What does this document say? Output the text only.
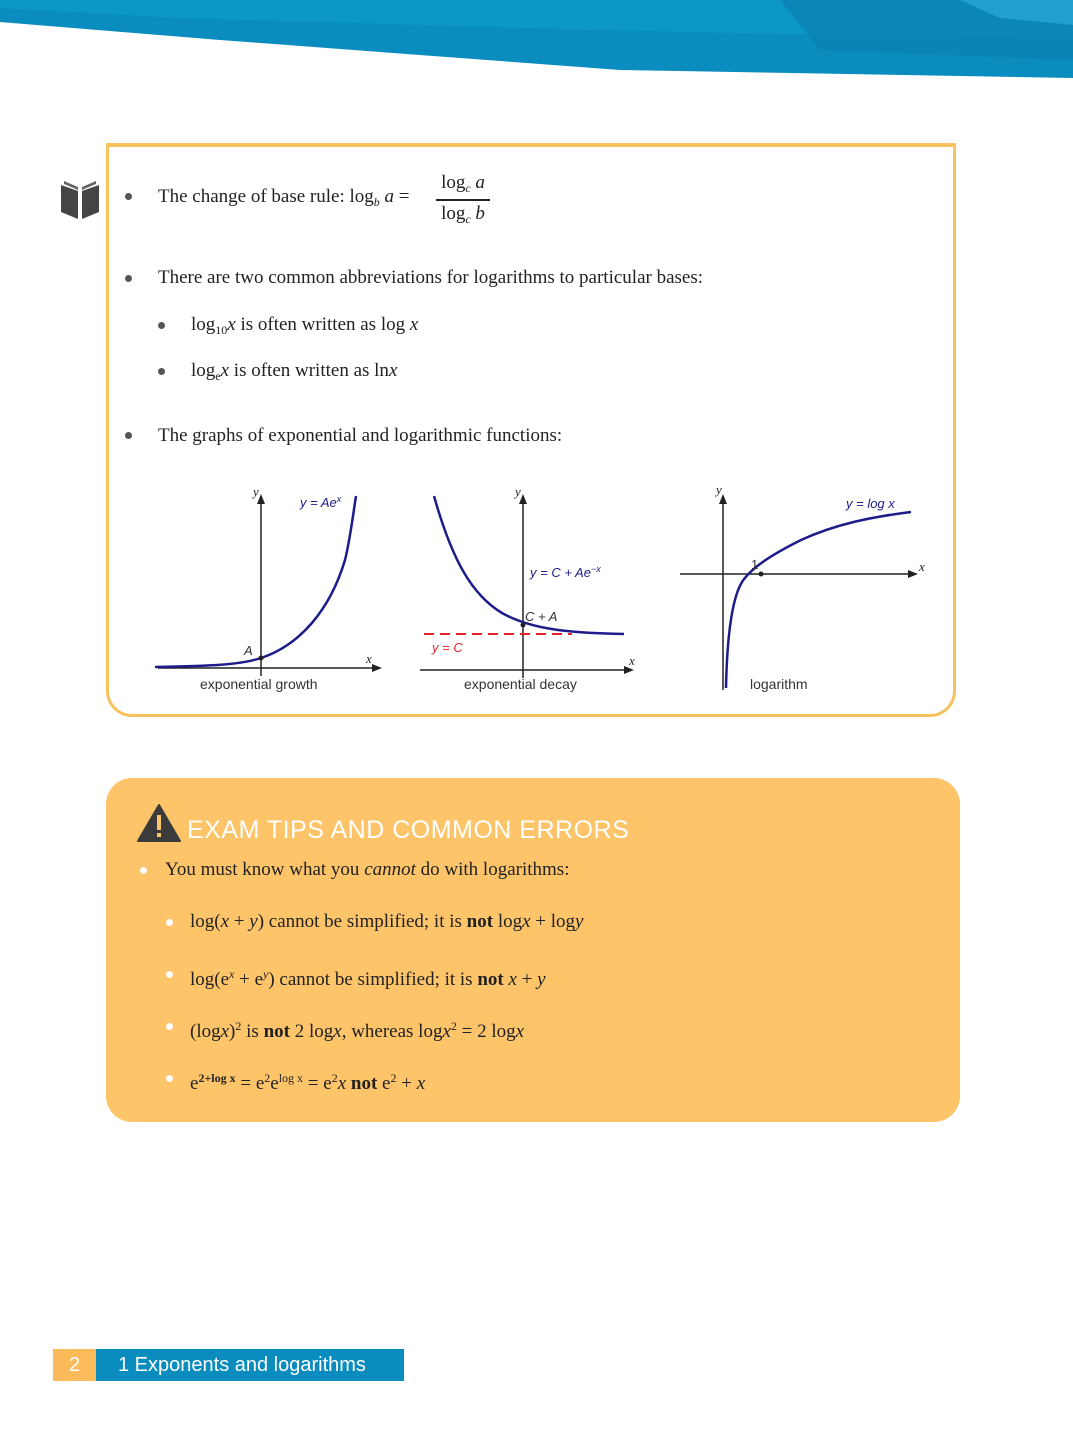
The change of base rule: $\log_b a$ =
$\log_c a$
$\log_c b$
There are two common abbreviations for logarithms to particular bases:
$\log_{10}x$ is often written as log x
$\log_ex$ is often written as lnx
The graphs of exponential and logarithmic functions:
y
x
$y = Ae^x$
A
exponential growth
y
x
$y = C + Ae^{-x}$
C + A
y = C
exponential decay
y
x
y = log x
1
logarithm
EXAM TIPS AND COMMON ERRORS
You must know what you cannot do with logarithms:
log(x + y) cannot be simplified; it is not logx + logy
$\log(e^x + e^y)$ cannot be simplified; it is not x + y
$(\log x)^2$ is not 2 logx, whereas logx$^2$ = 2 logx
$e^{2+log x} = e^2e^{log x} = e^2x$ not $e^2 + x$
2	1 Exponents and logarithms
